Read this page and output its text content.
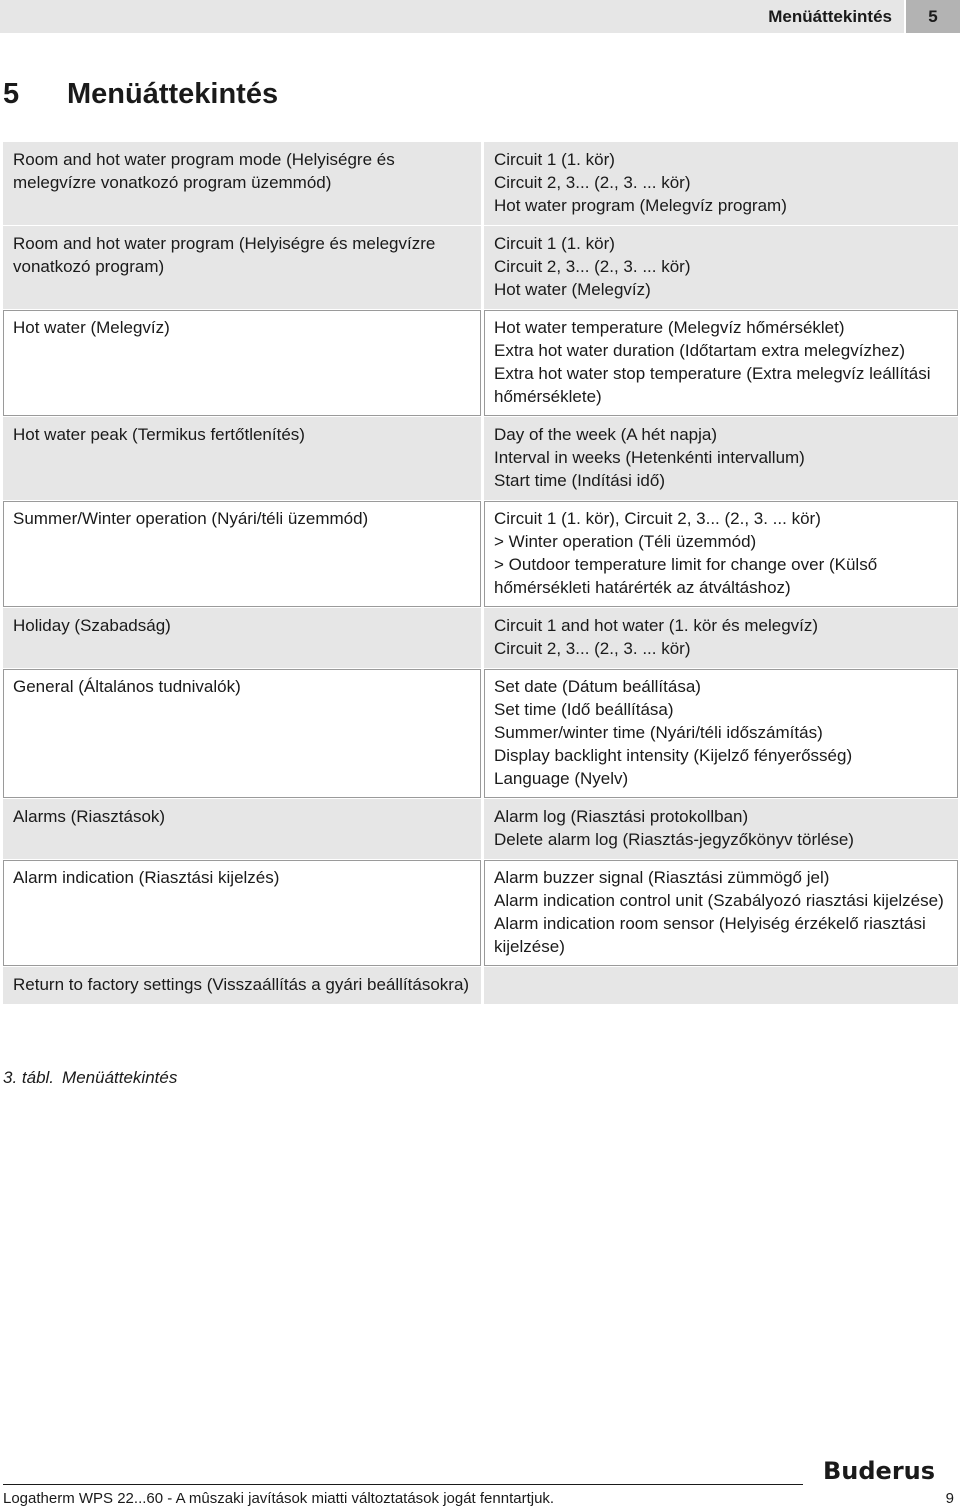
Menüáttekintés	5
5 Menüáttekintés
Room and hot water program mode (Helyiségre és melegvízre vonatkozó program üzemmód)	Circuit 1 (1. kör)
Circuit 2, 3... (2., 3. ... kör)
Hot water program (Melegvíz program)

Room and hot water program (Helyiségre és melegvízre vonatkozó program)	Circuit 1 (1. kör)
Circuit 2, 3... (2., 3. ... kör)
Hot water (Melegvíz)

Hot water (Melegvíz)	Hot water temperature (Melegvíz hőmérséklet)
Extra hot water duration (Időtartam extra melegvízhez)
Extra hot water stop temperature (Extra melegvíz leállítási hőmérséklete)

Hot water peak (Termikus fertőtlenítés)	Day of the week (A hét napja)
Interval in weeks (Hetenkénti intervallum)
Start time (Indítási idő)

Summer/Winter operation (Nyári/téli üzemmód)	Circuit 1 (1. kör), Circuit 2, 3... (2., 3. ... kör)
> Winter operation (Téli üzemmód)
> Outdoor temperature limit for change over (Külső hőmérsékleti határérték az átváltáshoz)

Holiday (Szabadság)	Circuit 1 and hot water (1. kör és melegvíz)
Circuit 2, 3... (2., 3. ... kör)

General (Általános tudnivalók)	Set date (Dátum beállítása)
Set time (Idő beállítása)
Summer/winter time (Nyári/téli időszámítás)
Display backlight intensity (Kijelző fényerősség)
Language (Nyelv)

Alarms (Riasztások)	Alarm log (Riasztási protokollban)
Delete alarm log (Riasztás-jegyzőkönyv törlése)

Alarm indication (Riasztási kijelzés)	Alarm buzzer signal (Riasztási zümmögő jel)
Alarm indication control unit (Szabályozó riasztási kijelzése)
Alarm indication room sensor (Helyiség érzékelő riasztási kijelzése)

Return to factory settings (Visszaállítás a gyári beállításokra)	

3. tábl. Menüáttekintés
Buderus
Logatherm WPS 22...60 - A mûszaki javítások miatti változtatások jogát fenntartjuk.	9
